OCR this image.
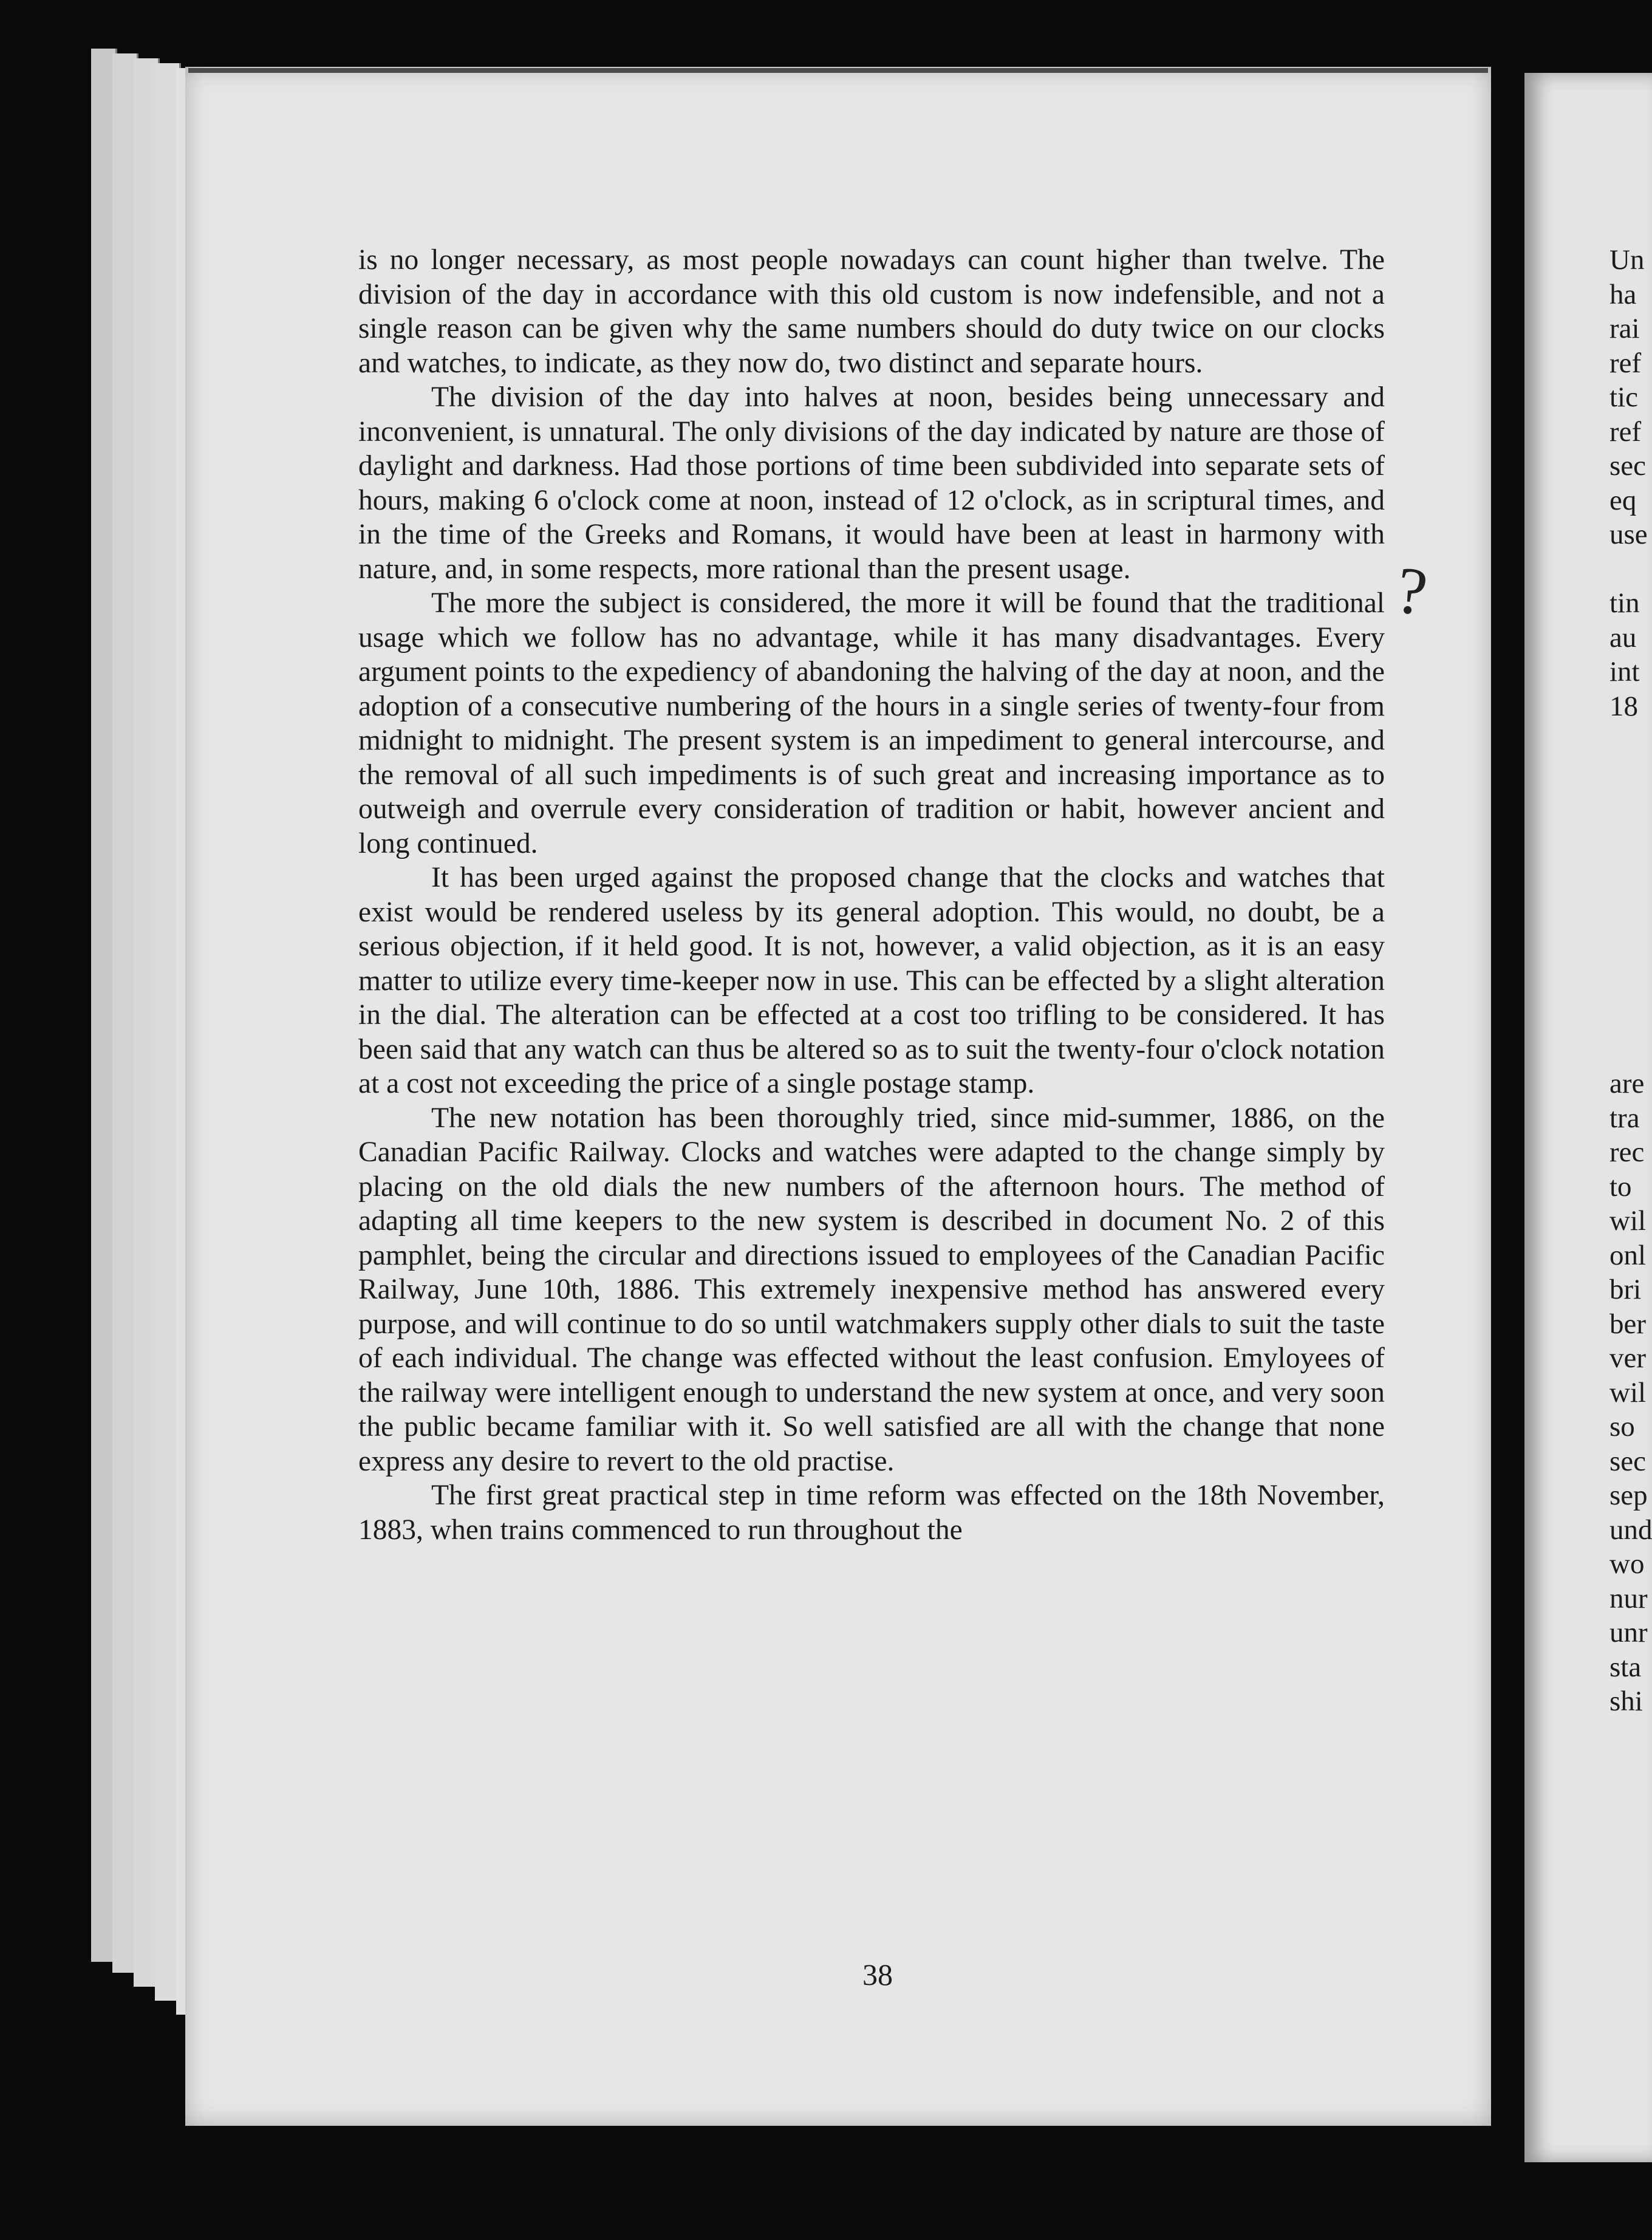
is no longer necessary, as most people nowadays can count higher than twelve. The division of the day in accordance with this old custom is now indefensible, and not a single reason can be given why the same numbers should do duty twice on our clocks and watches, to indicate, as they now do, two distinct and separate hours.

The division of the day into halves at noon, besides being unnecessary and inconvenient, is unnatural. The only divisions of the day indicated by nature are those of daylight and darkness. Had those portions of time been subdivided into separate sets of hours, making 6 o'clock come at noon, instead of 12 o'clock, as in scriptural times, and in the time of the Greeks and Romans, it would have been at least in harmony with nature, and, in some respects, more rational than the present usage.

The more the subject is considered, the more it will be found that the traditional usage which we follow has no advantage, while it has many disadvantages. Every argument points to the expediency of abandoning the halving of the day at noon, and the adoption of a consecutive numbering of the hours in a single series of twenty-four from midnight to midnight. The present system is an impediment to general intercourse, and the removal of all such impediments is of such great and increasing importance as to outweigh and overrule every consideration of tradition or habit, however ancient and long continued.

It has been urged against the proposed change that the clocks and watches that exist would be rendered useless by its general adoption. This would, no doubt, be a serious objection, if it held good. It is not, however, a valid objection, as it is an easy matter to utilize every time-keeper now in use. This can be effected by a slight alteration in the dial. The alteration can be effected at a cost too trifling to be considered. It has been said that any watch can thus be altered so as to suit the twenty-four o'clock notation at a cost not exceeding the price of a single postage stamp.

The new notation has been thoroughly tried, since mid-summer, 1886, on the Canadian Pacific Railway. Clocks and watches were adapted to the change simply by placing on the old dials the new numbers of the afternoon hours. The method of adapting all time keepers to the new system is described in document No. 2 of this pamphlet, being the circular and directions issued to employees of the Canadian Pacific Railway, June 10th, 1886. This extremely inexpensive method has answered every purpose, and will continue to do so until watchmakers supply other dials to suit the taste of each individual. The change was effected without the least confusion. Emyloyees of the railway were intelligent enough to understand the new system at once, and very soon the public became familiar with it. So well satisfied are all with the change that none express any desire to revert to the old practise.

The first great practical step in time reform was effected on the 18th November, 1883, when trains commenced to run throughout the

?
38
Un
ha
rai
ref
tic
ref
sec
eq
use
tin
au
int
18
are
tra
rec
to
wil
onl
bri
ber
ver
wil
so
sec
sep
und
wo
nur
unr
sta
shi
